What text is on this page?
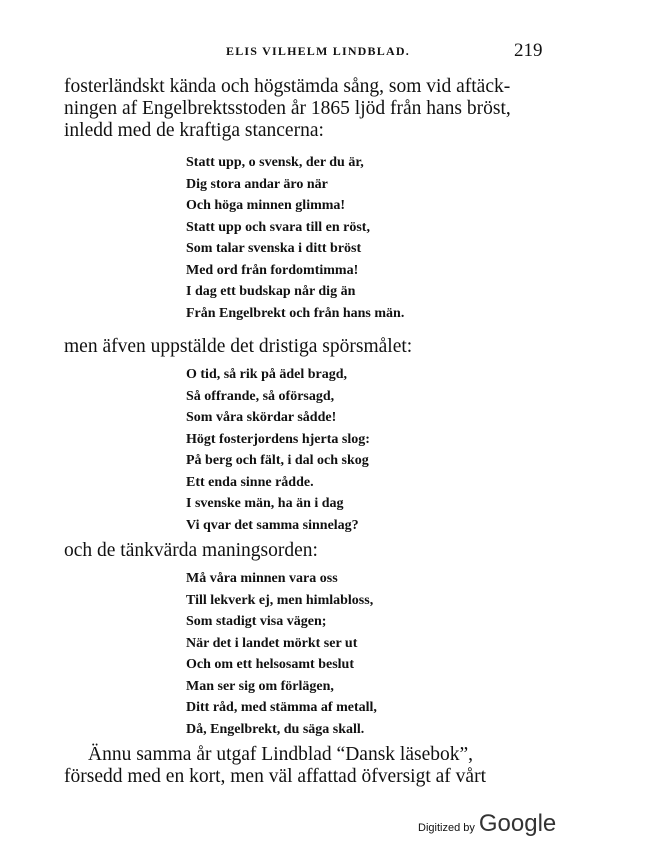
ELIS VILHELM LINDBLAD.	219
fosterländskt kända och högstämda sång, som vid aftäck-
ningen af Engelbrektsstoden år 1865 ljöd från hans bröst,
inledd med de kraftiga stancerna:
Statt upp, o svensk, der du är,
Dig stora andar äro när
Och höga minnen glimma!
Statt upp och svara till en röst,
Som talar svenska i ditt bröst
Med ord från fordomtimma!
I dag ett budskap når dig än
Från Engelbrekt och från hans män.
men äfven uppstälde det dristiga spörsmålet:
O tid, så rik på ädel bragd,
Så offrande, så oförsagd,
Som våra skördar sådde!
Högt fosterjordens hjerta slog:
På berg och fält, i dal och skog
Ett enda sinne rådde.
I svenske män, ha än i dag
Vi qvar det samma sinnelag?
och de tänkvärda maningsorden:
Må våra minnen vara oss
Till lekverk ej, men himlabloss,
Som stadigt visa vägen;
När det i landet mörkt ser ut
Och om ett helsosamt beslut
Man ser sig om förlägen,
Ditt råd, med stämma af metall,
Då, Engelbrekt, du säga skall.
Ännu samma år utgaf Lindblad “Dansk läsebok”,
försedd med en kort, men väl affattad öfversigt af vårt
Digitized by Google
